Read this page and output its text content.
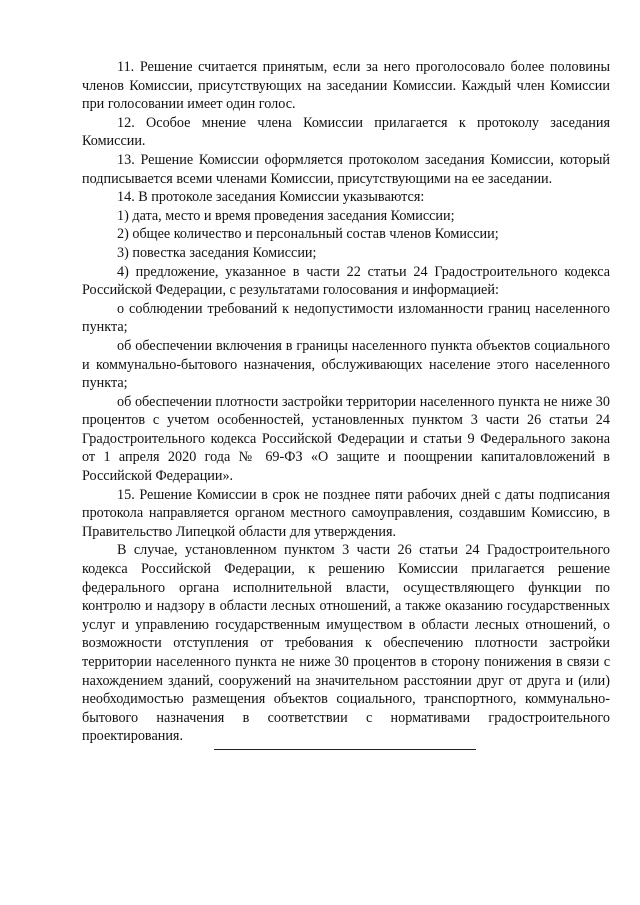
11. Решение считается принятым, если за него проголосовало более половины членов Комиссии, присутствующих на заседании Комиссии. Каждый член Комиссии при голосовании имеет один голос.

12. Особое мнение члена Комиссии прилагается к протоколу заседания Комиссии.

13. Решение Комиссии оформляется протоколом заседания Комиссии, который подписывается всеми членами Комиссии, присутствующими на ее заседании.

14. В протоколе заседания Комиссии указываются:

1) дата, место и время проведения заседания Комиссии;

2) общее количество и персональный состав членов Комиссии;

3) повестка заседания Комиссии;

4) предложение, указанное в части 22 статьи 24 Градостроительного кодекса Российской Федерации, с результатами голосования и информацией:

о соблюдении требований к недопустимости изломанности границ населенного пункта;

об обеспечении включения в границы населенного пункта объектов социального и коммунально-бытового назначения, обслуживающих население этого населенного пункта;

об обеспечении плотности застройки территории населенного пункта не ниже 30 процентов с учетом особенностей, установленных пунктом 3 части 26 статьи 24 Градостроительного кодекса Российской Федерации и статьи 9 Федерального закона от 1 апреля 2020 года № 69-ФЗ «О защите и поощрении капиталовложений в Российской Федерации».

15. Решение Комиссии в срок не позднее пяти рабочих дней с даты подписания протокола направляется органом местного самоуправления, создавшим Комиссию, в Правительство Липецкой области для утверждения.

В случае, установленном пунктом 3 части 26 статьи 24 Градостроительного кодекса Российской Федерации, к решению Комиссии прилагается решение федерального органа исполнительной власти, осуществляющего функции по контролю и надзору в области лесных отношений, а также оказанию государственных услуг и управлению государственным имуществом в области лесных отношений, о возможности отступления от требования к обеспечению плотности застройки территории населенного пункта не ниже 30 процентов в сторону понижения в связи с нахождением зданий, сооружений на значительном расстоянии друг от друга и (или) необходимостью размещения объектов социального, транспортного, коммунально-бытового назначения в соответствии с нормативами градостроительного проектирования.
